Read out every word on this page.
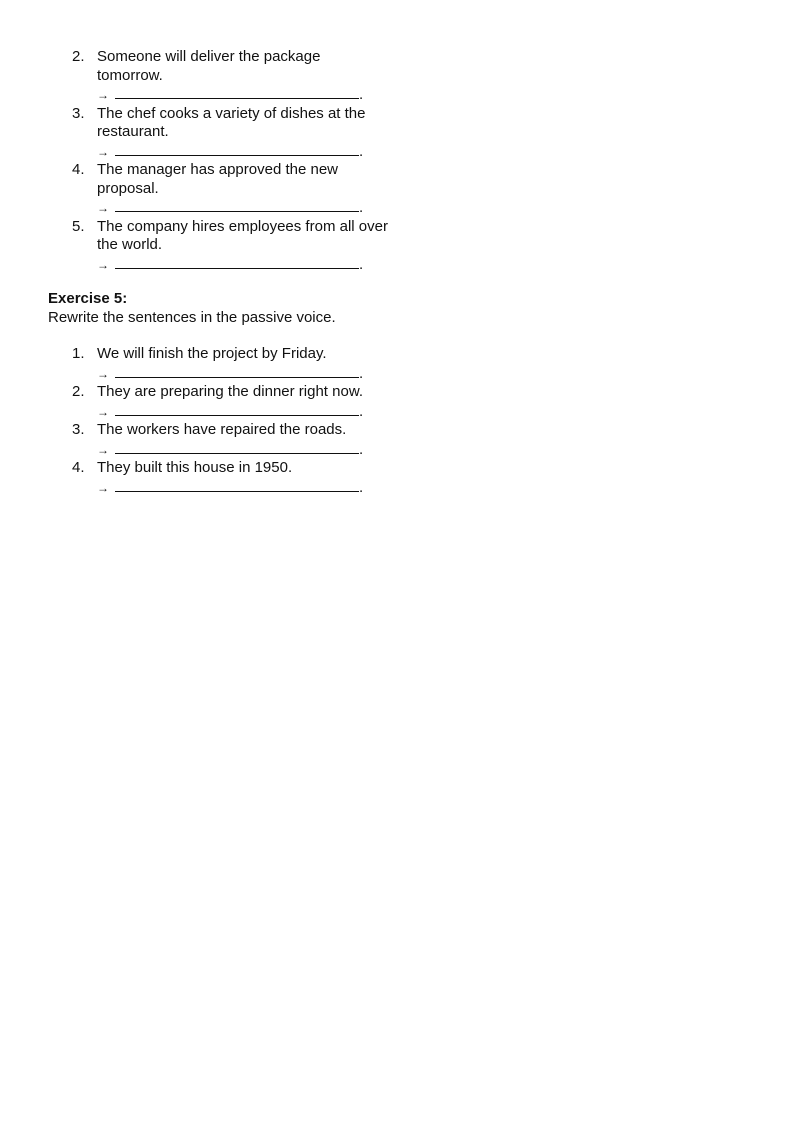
2. Someone will deliver the package tomorrow.
→	.
3. The chef cooks a variety of dishes at the restaurant.
→	.
4. The manager has approved the new proposal.
→	.
5. The company hires employees from all over the world.
→	.
Exercise 5:
Rewrite the sentences in the passive voice.
1. We will finish the project by Friday.
→	.
2. They are preparing the dinner right now.
→	.
3. The workers have repaired the roads.
→	.
4. They built this house in 1950.
→	.
